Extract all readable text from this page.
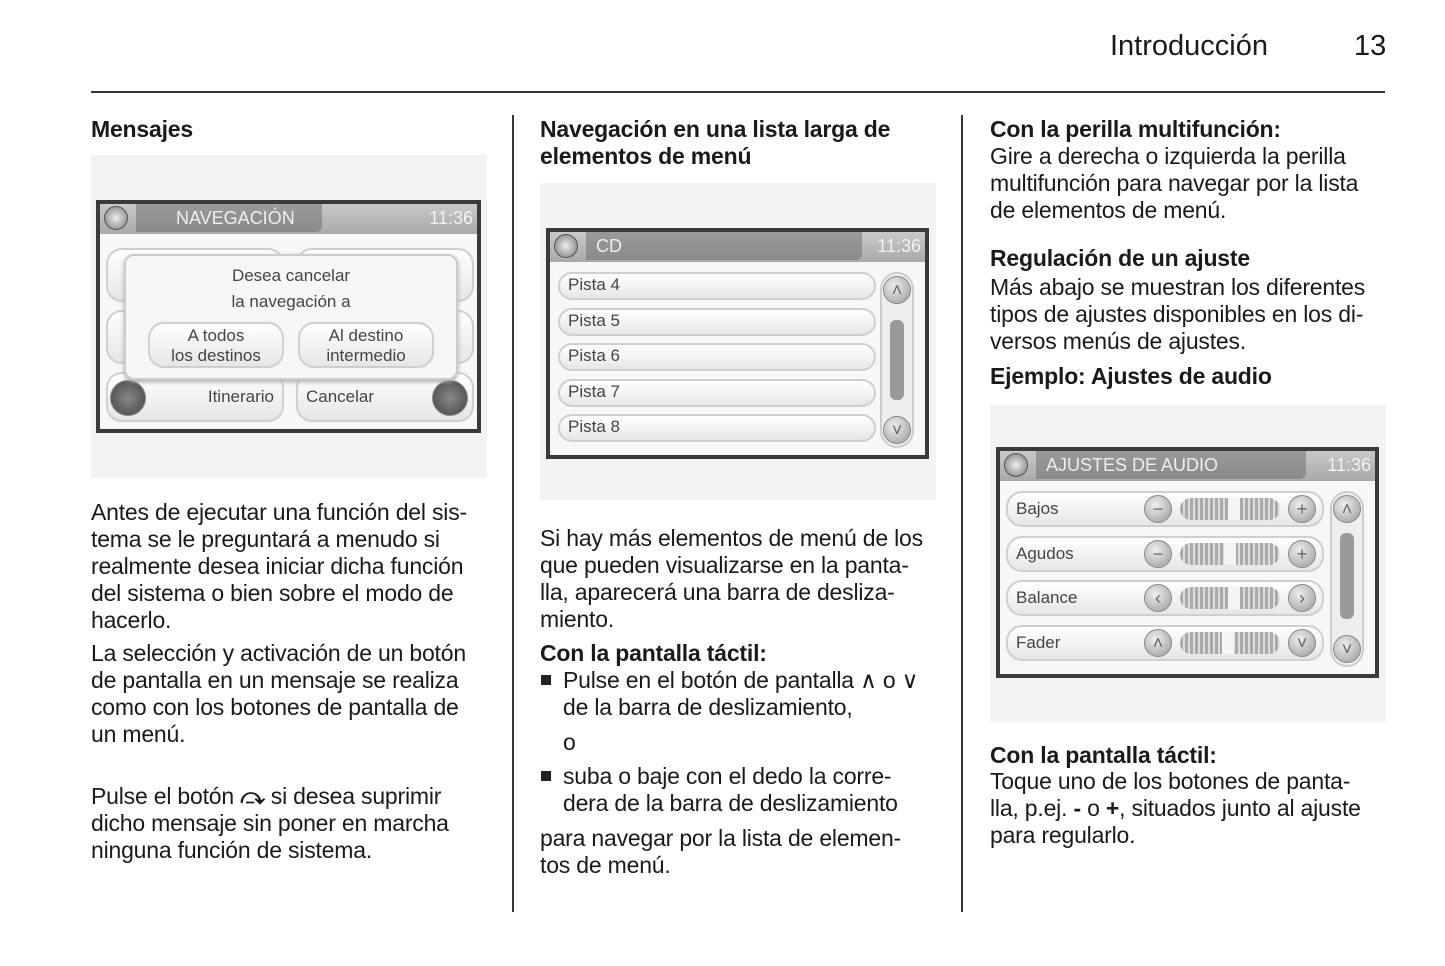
Introducción	13
Mensajes
NAVEGACIÓN	11:36
Itinerario	Cancelar
Desea cancelar
la navegación a
A todos
los destinos
Al destino
intermedio
Antes de ejecutar una función del sis-
tema se le preguntará a menudo si
realmente desea iniciar dicha función
del sistema o bien sobre el modo de
hacerlo.
La selección y activación de un botón
de pantalla en un mensaje se realiza
como con los botones de pantalla de
un menú.

Pulse el botón ⤼ si desea suprimir
dicho mensaje sin poner en marcha
ninguna función de sistema.

Navegación en una lista larga de
elementos de menú
CD	11:36
Pista 4
Pista 5
Pista 6
Pista 7
Pista 8
˄
˅
Si hay más elementos de menú de los
que pueden visualizarse en la panta-
lla, aparecerá una barra de desliza-
miento.
Con la pantalla táctil:
Pulse en el botón de pantalla ∧ o ∨
de la barra de deslizamiento,
o
suba o baje con el dedo la corre-
dera de la barra de deslizamiento
para navegar por la lista de elemen-
tos de menú.
Con la perilla multifunción:
Gire a derecha o izquierda la perilla
multifunción para navegar por la lista
de elementos de menú.
Regulación de un ajuste
Más abajo se muestran los diferentes
tipos de ajustes disponibles en los di-
versos menús de ajustes.
Ejemplo: Ajustes de audio
AJUSTES DE AUDIO	11:36
Bajos	−	+
Agudos	−	+
Balance	‹	›
Fader	˄	˅
˄
˅
Con la pantalla táctil:
Toque uno de los botones de panta-
lla, p.ej. - o +, situados junto al ajuste
para regularlo.
